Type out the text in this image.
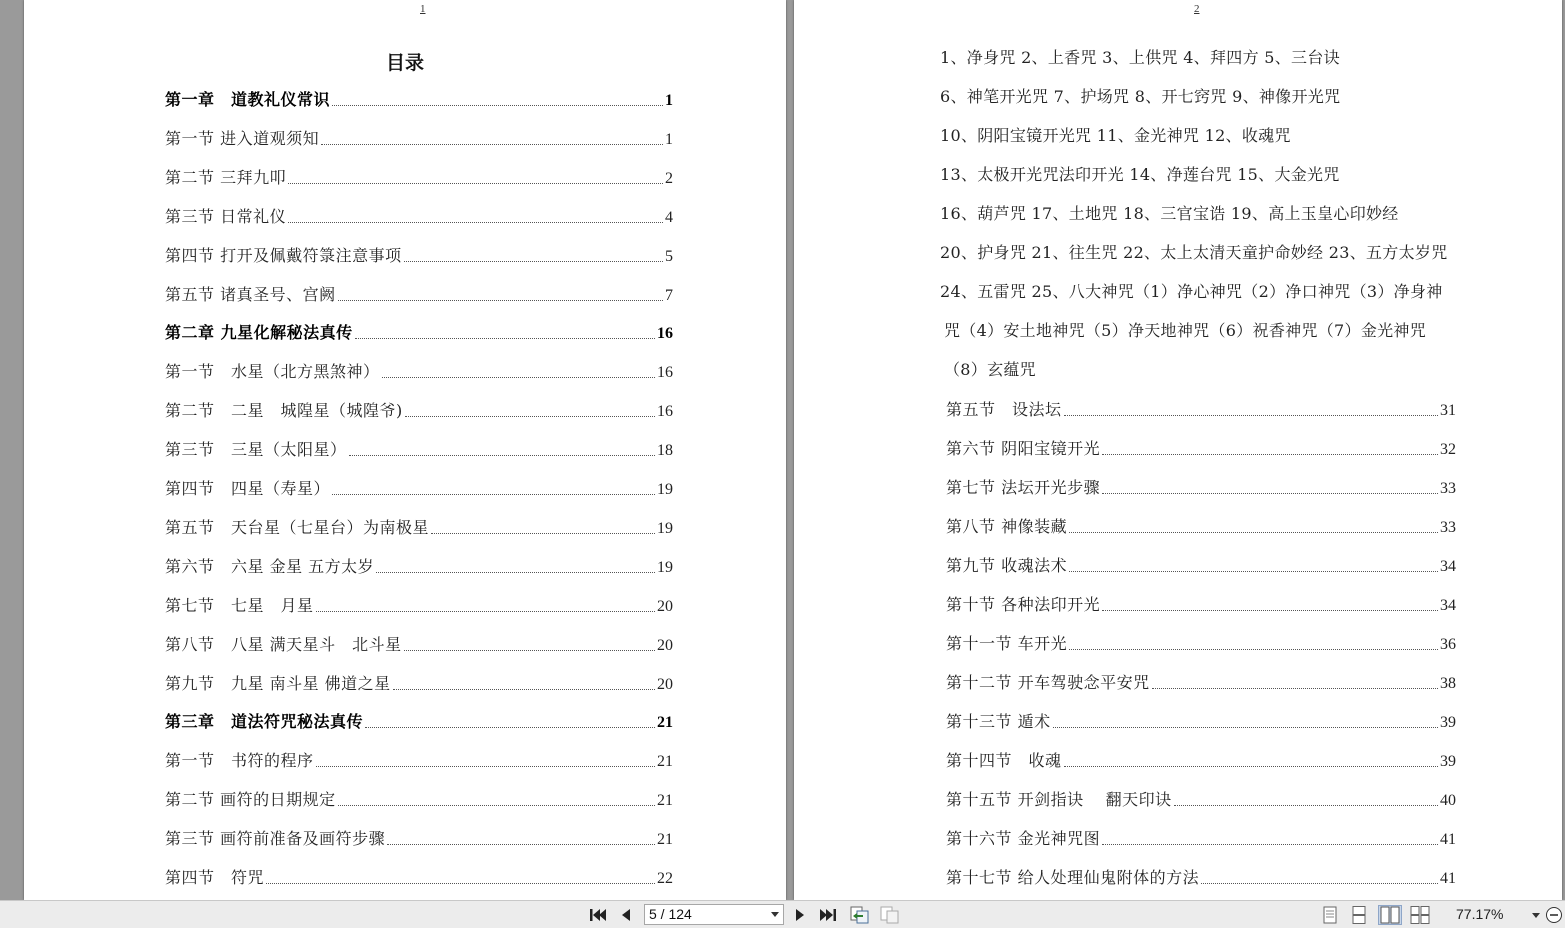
1
目录
第一章　道教礼仪常识	1
第一节 进入道观须知	1
第二节 三拜九叩	2
第三节 日常礼仪	4
第四节 打开及佩戴符箓注意事项	5
第五节 诸真圣号、宫阙	7
第二章 九星化解秘法真传	16
第一节　水星（北方黑煞神）	16
第二节　二星　城隍星（城隍爷)	16
第三节　三星（太阳星）	18
第四节　四星（寿星）	19
第五节　天台星（七星台）为南极星	19
第六节　六星 金星 五方太岁	19
第七节　七星　月星	20
第八节　八星 满天星斗　北斗星	20
第九节　九星 南斗星 佛道之星	20
第三章　道法符咒秘法真传	21
第一节　书符的程序	21
第二节 画符的日期规定	21
第三节 画符前准备及画符步骤	21
第四节　符咒	22
2
1、净身咒 2、上香咒 3、上供咒 4、拜四方 5、三台诀
6、神笔开光咒 7、护场咒 8、开七窍咒 9、神像开光咒
10、阴阳宝镜开光咒 11、金光神咒 12、收魂咒
13、太极开光咒法印开光 14、净莲台咒 15、大金光咒
16、葫芦咒 17、土地咒 18、三官宝诰 19、高上玉皇心印妙经
20、护身咒 21、往生咒 22、太上太清天童护命妙经 23、五方太岁咒
24、五雷咒 25、八大神咒（1）净心神咒（2）净口神咒（3）净身神
咒（4）安土地神咒（5）净天地神咒（6）祝香神咒（7）金光神咒
（8）玄蕴咒
第五节　设法坛	31
第六节 阴阳宝镜开光	32
第七节 法坛开光步骤	33
第八节 神像装藏	33
第九节 收魂法术	34
第十节 各种法印开光	34
第十一节 车开光	36
第十二节 开车驾驶念平安咒	38
第十三节 遁术	39
第十四节　收魂	39
第十五节 开剑指诀　 翻天印诀	40
第十六节 金光神咒图	41
第十七节 给人处理仙鬼附体的方法	41
5 / 124	77.17%
